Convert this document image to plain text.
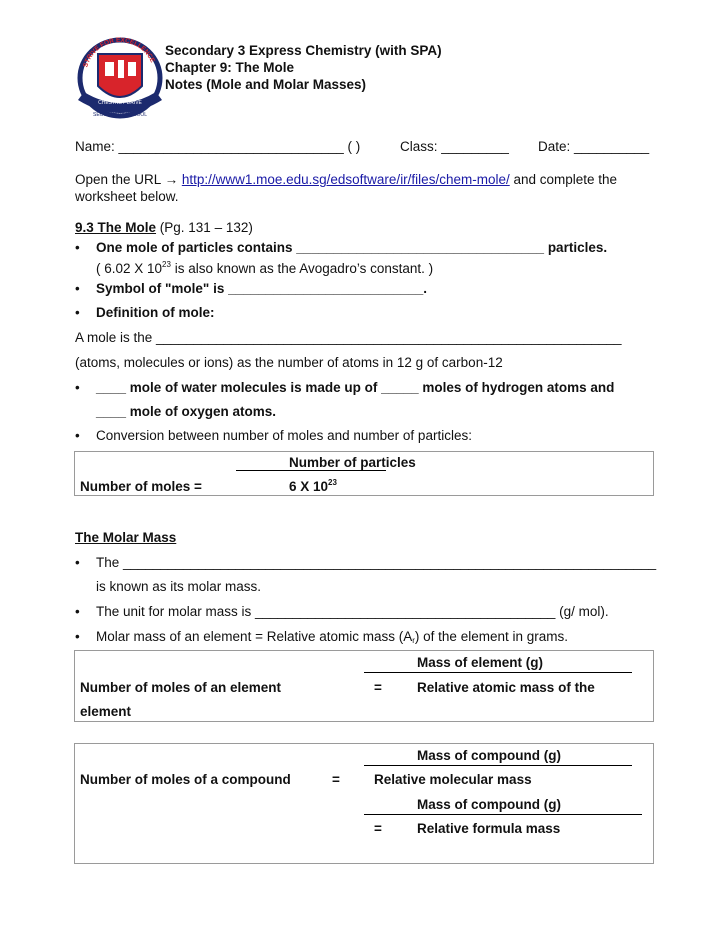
STRIVE FOR EXCELLENCE
CHESTNUT DRIVE
SECONDARY SCHOOL
Secondary 3 Express Chemistry (with SPA)
Chapter 9: The Mole
Notes (Mole and Molar Masses)
Name: ______________________________ ( )	Class: _________ Date: __________
Open the URL → http://www1.moe.edu.sg/edsoftware/ir/files/chem-mole/ and complete the
worksheet below.
9.3 The Mole (Pg. 131 – 132)
• One mole of particles contains _________________________________ particles.
( 6.02 X $10^{23}$ is also known as the Avogadro’s constant. )
• Symbol of "mole" is __________________________.
• Definition of mole:
A mole is the ______________________________________________________________
(atoms, molecules or ions) as the number of atoms in 12 g of carbon-12
• ____ mole of water molecules is made up of _____ moles of hydrogen atoms and
____ mole of oxygen atoms.
• Conversion between number of moles and number of particles:
Number of particles
Number of moles =	6 X $10^{23}$
The Molar Mass
• The _______________________________________________________________________
is known as its molar mass.
• The unit for molar mass is ________________________________________ (g/ mol).
• Molar mass of an element = Relative atomic mass $(A_r)$ of the element in grams.
Mass of element (g)
Number of moles of an element	=	Relative atomic mass of the
element
Mass of compound (g)
Number of moles of a compound	=	Relative molecular mass
Mass of compound (g)
=	Relative formula mass
